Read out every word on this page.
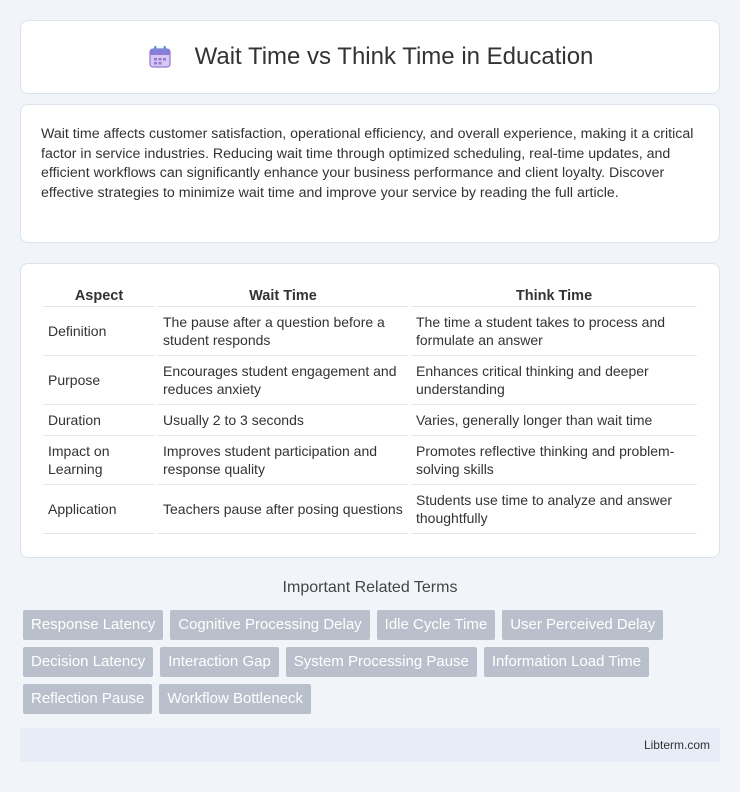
Wait Time vs Think Time in Education

Wait time affects customer satisfaction, operational efficiency, and overall experience, making it a critical factor in service industries. Reducing wait time through optimized scheduling, real-time updates, and efficient workflows can significantly enhance your business performance and client loyalty. Discover effective strategies to minimize wait time and improve your service by reading the full article.

Aspect	Wait Time	Think Time
Definition	The pause after a question before a student responds	The time a student takes to process and formulate an answer
Purpose	Encourages student engagement and reduces anxiety	Enhances critical thinking and deeper understanding
Duration	Usually 2 to 3 seconds	Varies, generally longer than wait time
Impact on Learning	Improves student participation and response quality	Promotes reflective thinking and problem-solving skills
Application	Teachers pause after posing questions	Students use time to analyze and answer thoughtfully
Important Related Terms
Response Latency	Cognitive Processing Delay	Idle Cycle Time	User Perceived Delay
Decision Latency	Interaction Gap	System Processing Pause	Information Load Time
Reflection Pause	Workflow Bottleneck
Libterm.com
